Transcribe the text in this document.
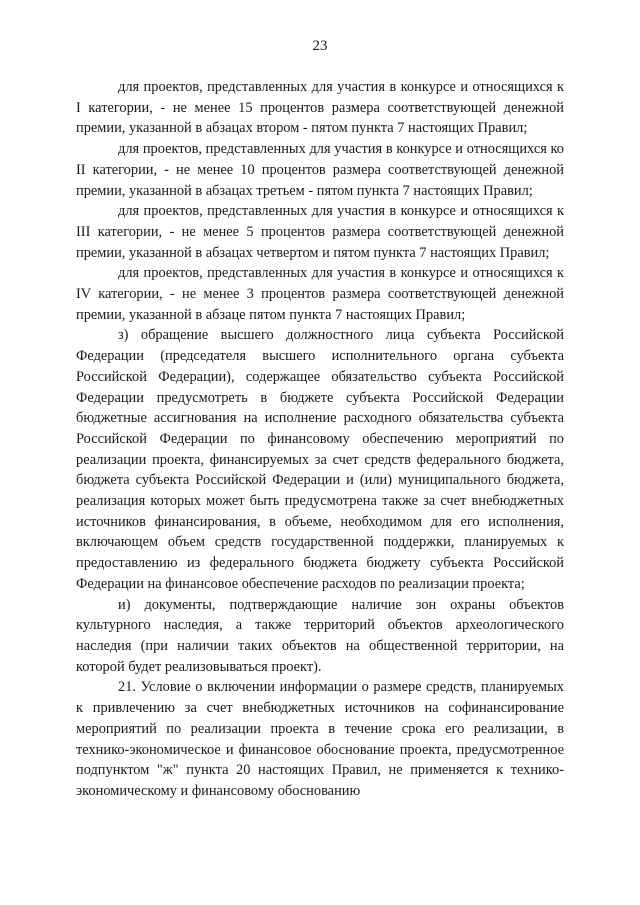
23

для проектов, представленных для участия в конкурсе и относящихся к I категории, - не менее 15 процентов размера соответствующей денежной премии, указанной в абзацах втором - пятом пункта 7 настоящих Правил;

для проектов, представленных для участия в конкурсе и относящихся ко II категории, - не менее 10 процентов размера соответствующей денежной премии, указанной в абзацах третьем - пятом пункта 7 настоящих Правил;

для проектов, представленных для участия в конкурсе и относящихся к III категории, - не менее 5 процентов размера соответствующей денежной премии, указанной в абзацах четвертом и пятом пункта 7 настоящих Правил;

для проектов, представленных для участия в конкурсе и относящихся к IV категории, - не менее 3 процентов размера соответствующей денежной премии, указанной в абзаце пятом пункта 7 настоящих Правил;

з) обращение высшего должностного лица субъекта Российской Федерации (председателя высшего исполнительного органа субъекта Российской Федерации), содержащее обязательство субъекта Российской Федерации предусмотреть в бюджете субъекта Российской Федерации бюджетные ассигнования на исполнение расходного обязательства субъекта Российской Федерации по финансовому обеспечению мероприятий по реализации проекта, финансируемых за счет средств федерального бюджета, бюджета субъекта Российской Федерации и (или) муниципального бюджета, реализация которых может быть предусмотрена также за счет внебюджетных источников финансирования, в объеме, необходимом для его исполнения, включающем объем средств государственной поддержки, планируемых к предоставлению из федерального бюджета бюджету субъекта Российской Федерации на финансовое обеспечение расходов по реализации проекта;

и) документы, подтверждающие наличие зон охраны объектов культурного наследия, а также территорий объектов археологического наследия (при наличии таких объектов на общественной территории, на которой будет реализовываться проект).

21. Условие о включении информации о размере средств, планируемых к привлечению за счет внебюджетных источников на софинансирование мероприятий по реализации проекта в течение срока его реализации, в технико-экономическое и финансовое обоснование проекта, предусмотренное подпунктом "ж" пункта 20 настоящих Правил, не применяется к технико-экономическому и финансовому обоснованию
